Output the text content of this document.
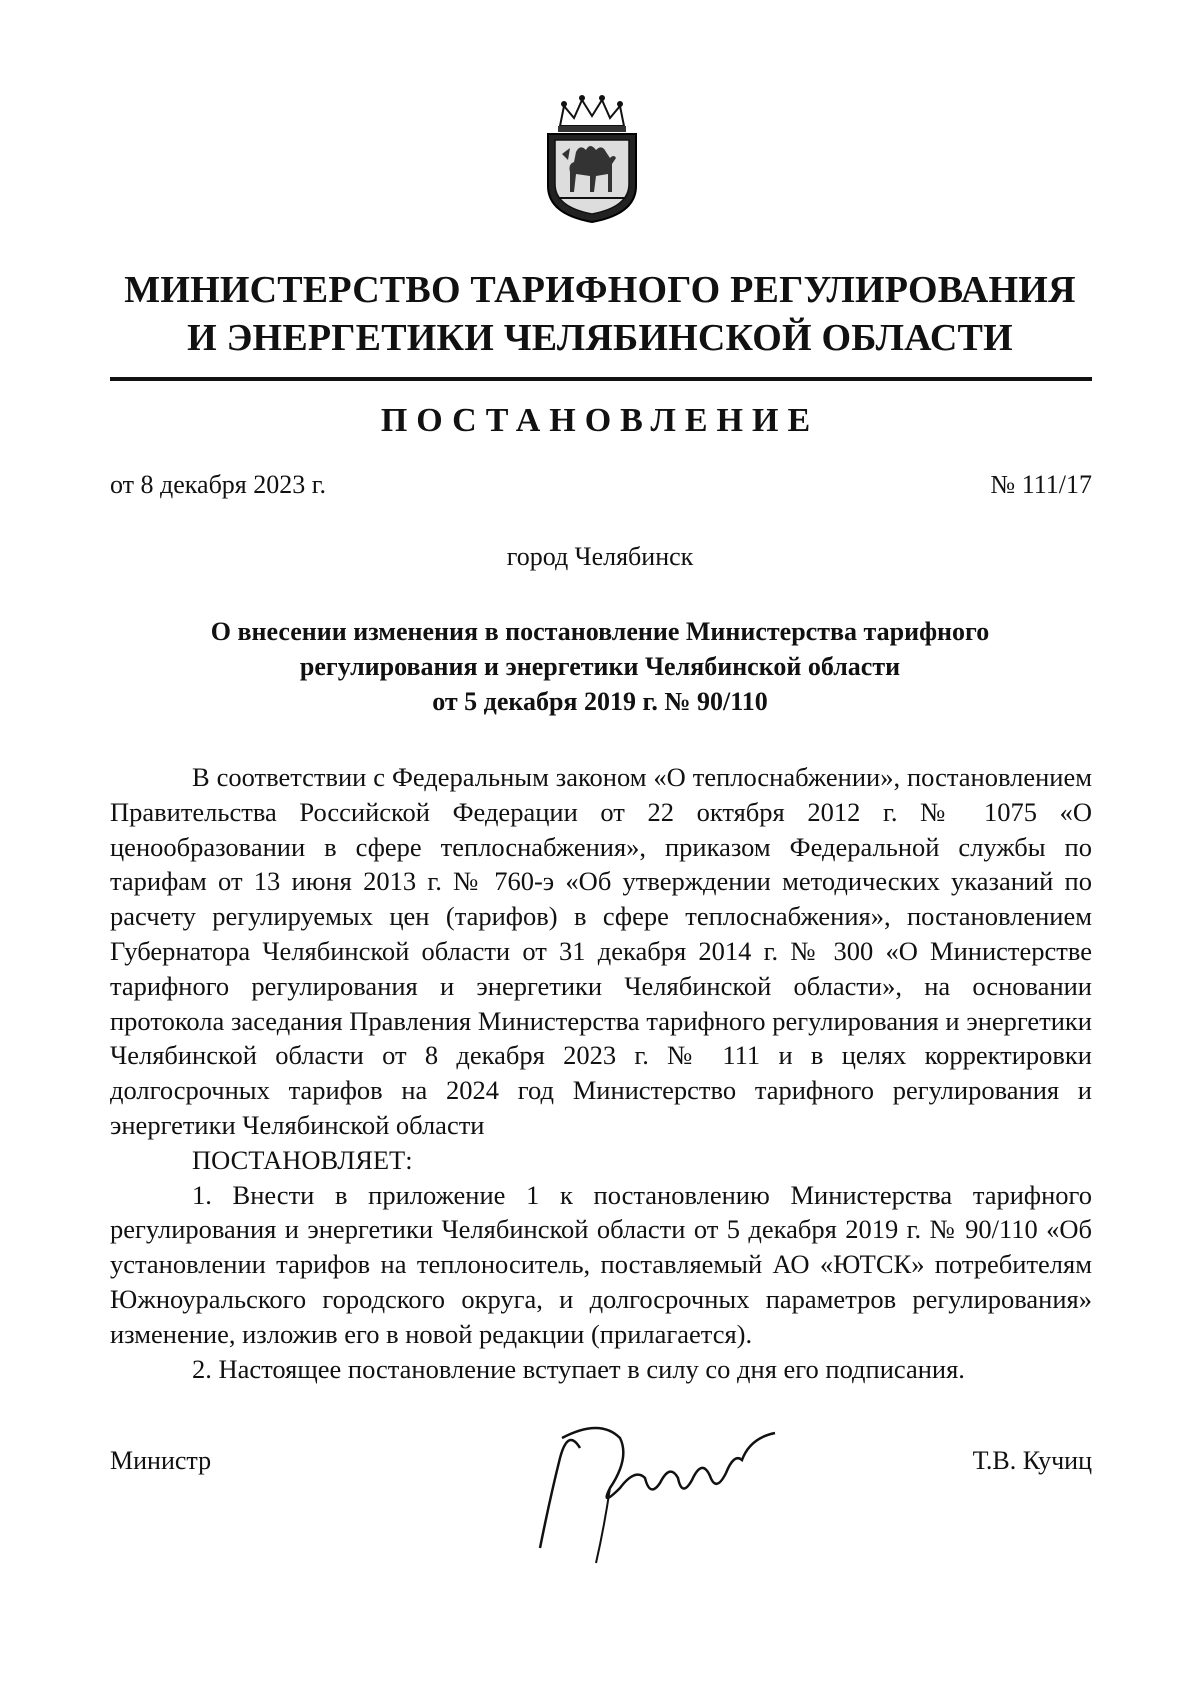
МИНИСТЕРСТВО ТАРИФНОГО РЕГУЛИРОВАНИЯ
И ЭНЕРГЕТИКИ ЧЕЛЯБИНСКОЙ ОБЛАСТИ
ПОСТАНОВЛЕНИЕ
от 8 декабря 2023 г.	№ 111/17
город Челябинск
О внесении изменения в постановление Министерства тарифного
регулирования и энергетики Челябинской области
от 5 декабря 2019 г. № 90/110

В соответствии с Федеральным законом «О теплоснабжении», постановлением Правительства Российской Федерации от 22 октября 2012 г. № 1075 «О ценообразовании в сфере теплоснабжения», приказом Федеральной службы по тарифам от 13 июня 2013 г. № 760-э «Об утверждении методических указаний по расчету регулируемых цен (тарифов) в сфере теплоснабжения», постановлением Губернатора Челябинской области от 31 декабря 2014 г. № 300 «О Министерстве тарифного регулирования и энергетики Челябинской области», на основании протокола заседания Правления Министерства тарифного регулирования и энергетики Челябинской области от 8 декабря 2023 г. № 111 и в целях корректировки долгосрочных тарифов на 2024 год Министерство тарифного регулирования и энергетики Челябинской области

ПОСТАНОВЛЯЕТ:

1. Внести в приложение 1 к постановлению Министерства тарифного регулирования и энергетики Челябинской области от 5 декабря 2019 г. № 90/110 «Об установлении тарифов на теплоноситель, поставляемый АО «ЮТСК» потребителям Южноуральского городского округа, и долгосрочных параметров регулирования» изменение, изложив его в новой редакции (прилагается).

2. Настоящее постановление вступает в силу со дня его подписания.

Министр	Т.В. Кучиц
